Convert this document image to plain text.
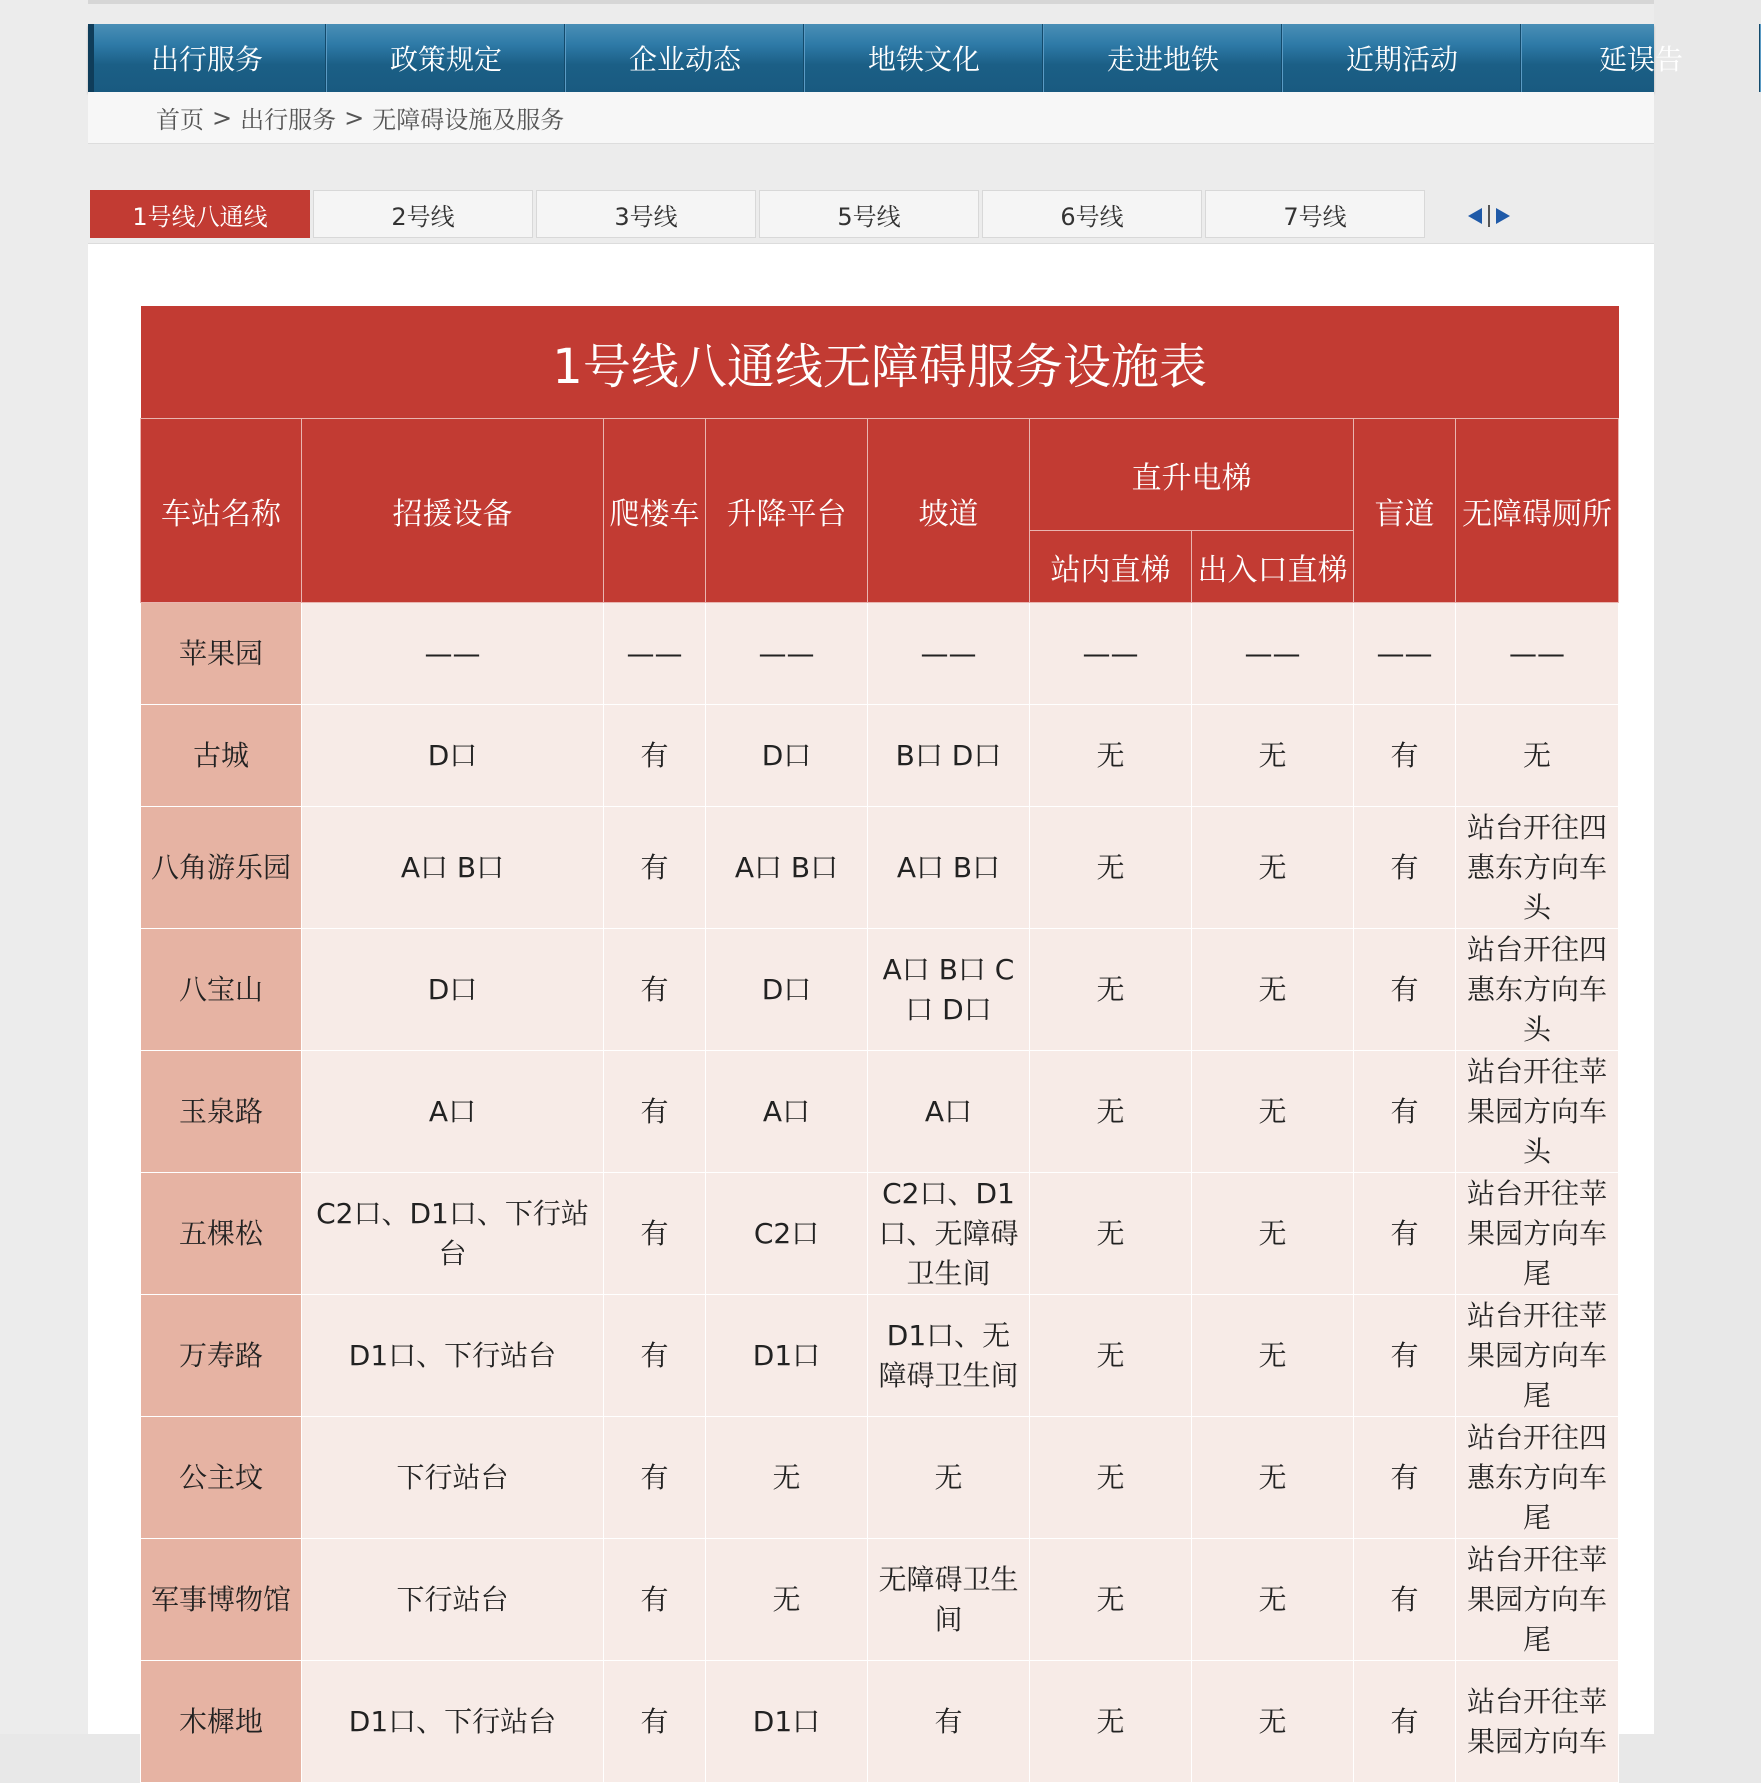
出行服务	政策规定	企业动态	地铁文化	走进地铁	近期活动	延误告
首页 > 出行服务 > 无障碍设施及服务
1号线八通线	2号线	3号线	5号线	6号线	7号线
1号线八通线无障碍服务设施表								
车站名称	招援设备	爬楼车	升降平台	坡道	直升电梯		盲道	无障碍厕所
					站内直梯	出入口直梯		
苹果园	——	——	——	——	——	——	——	——
古城	D口	有	D口	B口 D口	无	无	有	无
八角游乐园	A口 B口	有	A口 B口	A口 B口	无	无	有	站台开往四惠东方向车头
八宝山	D口	有	D口	A口 B口 C口 D口	无	无	有	站台开往四惠东方向车头
玉泉路	A口	有	A口	A口	无	无	有	站台开往苹果园方向车头
五棵松	C2口、D1口、下行站台	有	C2口	C2口、D1口、无障碍卫生间	无	无	有	站台开往苹果园方向车尾
万寿路	D1口、下行站台	有	D1口	D1口、无障碍卫生间	无	无	有	站台开往苹果园方向车尾
公主坟	下行站台	有	无	无	无	无	有	站台开往四惠东方向车尾
军事博物馆	下行站台	有	无	无障碍卫生间	无	无	有	站台开往苹果园方向车尾
木樨地	D1口、下行站台	有	D1口	有	无	无	有	站台开往苹果园方向车
